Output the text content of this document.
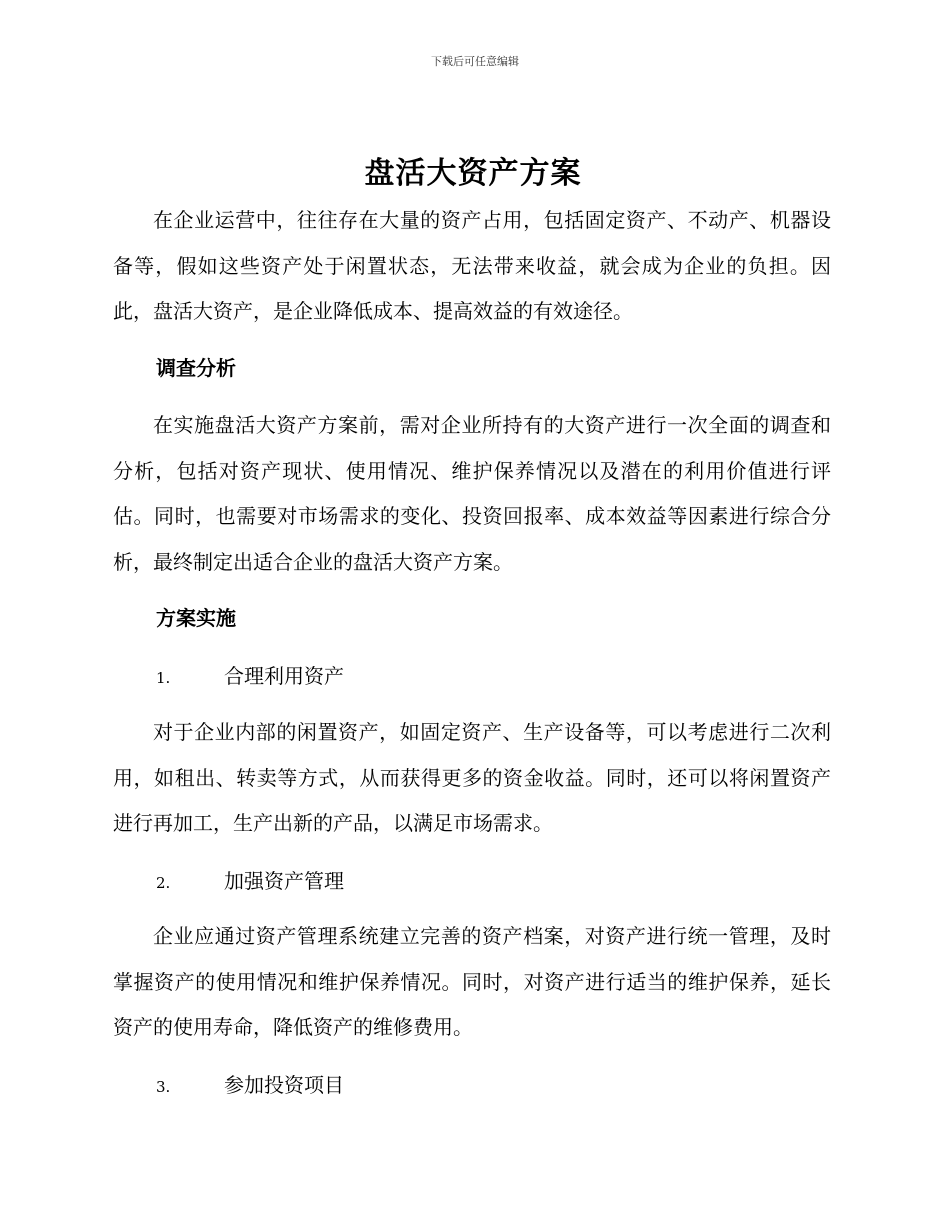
下载后可任意编辑
盘活大资产方案

在企业运营中，往往存在大量的资产占用，包括固定资产、不动产、机器设备等，假如这些资产处于闲置状态，无法带来收益，就会成为企业的负担。因此，盘活大资产，是企业降低成本、提高效益的有效途径。

调查分析

在实施盘活大资产方案前，需对企业所持有的大资产进行一次全面的调查和分析，包括对资产现状、使用情况、维护保养情况以及潜在的利用价值进行评估。同时，也需要对市场需求的变化、投资回报率、成本效益等因素进行综合分析，最终制定出适合企业的盘活大资产方案。

方案实施
1.	合理利用资产

对于企业内部的闲置资产，如固定资产、生产设备等，可以考虑进行二次利用，如租出、转卖等方式，从而获得更多的资金收益。同时，还可以将闲置资产进行再加工，生产出新的产品，以满足市场需求。

2.	加强资产管理

企业应通过资产管理系统建立完善的资产档案，对资产进行统一管理，及时掌握资产的使用情况和维护保养情况。同时，对资产进行适当的维护保养，延长资产的使用寿命，降低资产的维修费用。

3.	参加投资项目
